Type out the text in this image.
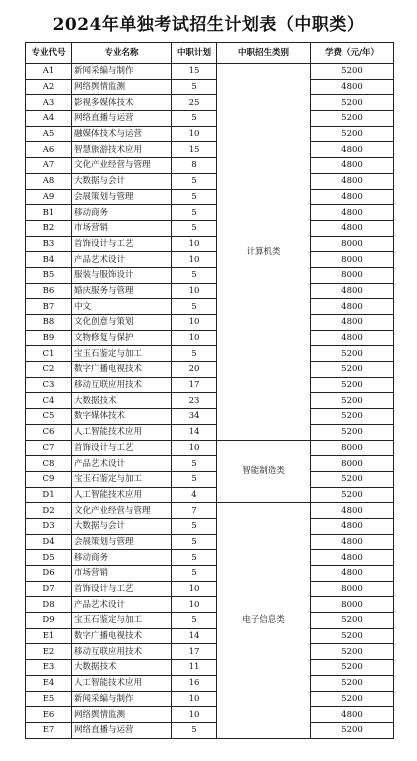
2024年单独考试招生计划表（中职类）
专业代号	专业名称	中职计划	中职招生类别	学费（元/年）
A1	新闻采编与制作	15	计算机类	5200
A2	网络舆情监测	5		4800
A3	影视多媒体技术	25		5200
A4	网络直播与运营	5		5200
A5	融媒体技术与运营	10		5200
A6	智慧旅游技术应用	15		4800
A7	文化产业经营与管理	8		4800
A8	大数据与会计	5		4800
A9	会展策划与管理	5		4800
B1	移动商务	5		4800
B2	市场营销	5		4800
B3	首饰设计与工艺	10		8000
B4	产品艺术设计	10		8000
B5	服装与服饰设计	5		8000
B6	婚庆服务与管理	10		4800
B7	中文	5		4800
B8	文化创意与策划	10		4800
B9	文物修复与保护	10		4800
C1	宝玉石鉴定与加工	5		5200
C2	数字广播电视技术	20		5200
C3	移动互联应用技术	17		5200
C4	大数据技术	23		5200
C5	数字媒体技术	34		5200
C6	人工智能技术应用	14		5200
C7	首饰设计与工艺	10	智能制造类	8000
C8	产品艺术设计	5		8000
C9	宝玉石鉴定与加工	5		5200
D1	人工智能技术应用	4		5200
D2	文化产业经营与管理	7	电子信息类	4800
D3	大数据与会计	5		4800
D4	会展策划与管理	5		4800
D5	移动商务	5		4800
D6	市场营销	5		4800
D7	首饰设计与工艺	10		8000
D8	产品艺术设计	10		8000
D9	宝玉石鉴定与加工	5		5200
E1	数字广播电视技术	14		5200
E2	移动互联应用技术	17		5200
E3	大数据技术	11		5200
E4	人工智能技术应用	16		5200
E5	新闻采编与制作	10		5200
E6	网络舆情监测	10		4800
E7	网络直播与运营	5		5200
